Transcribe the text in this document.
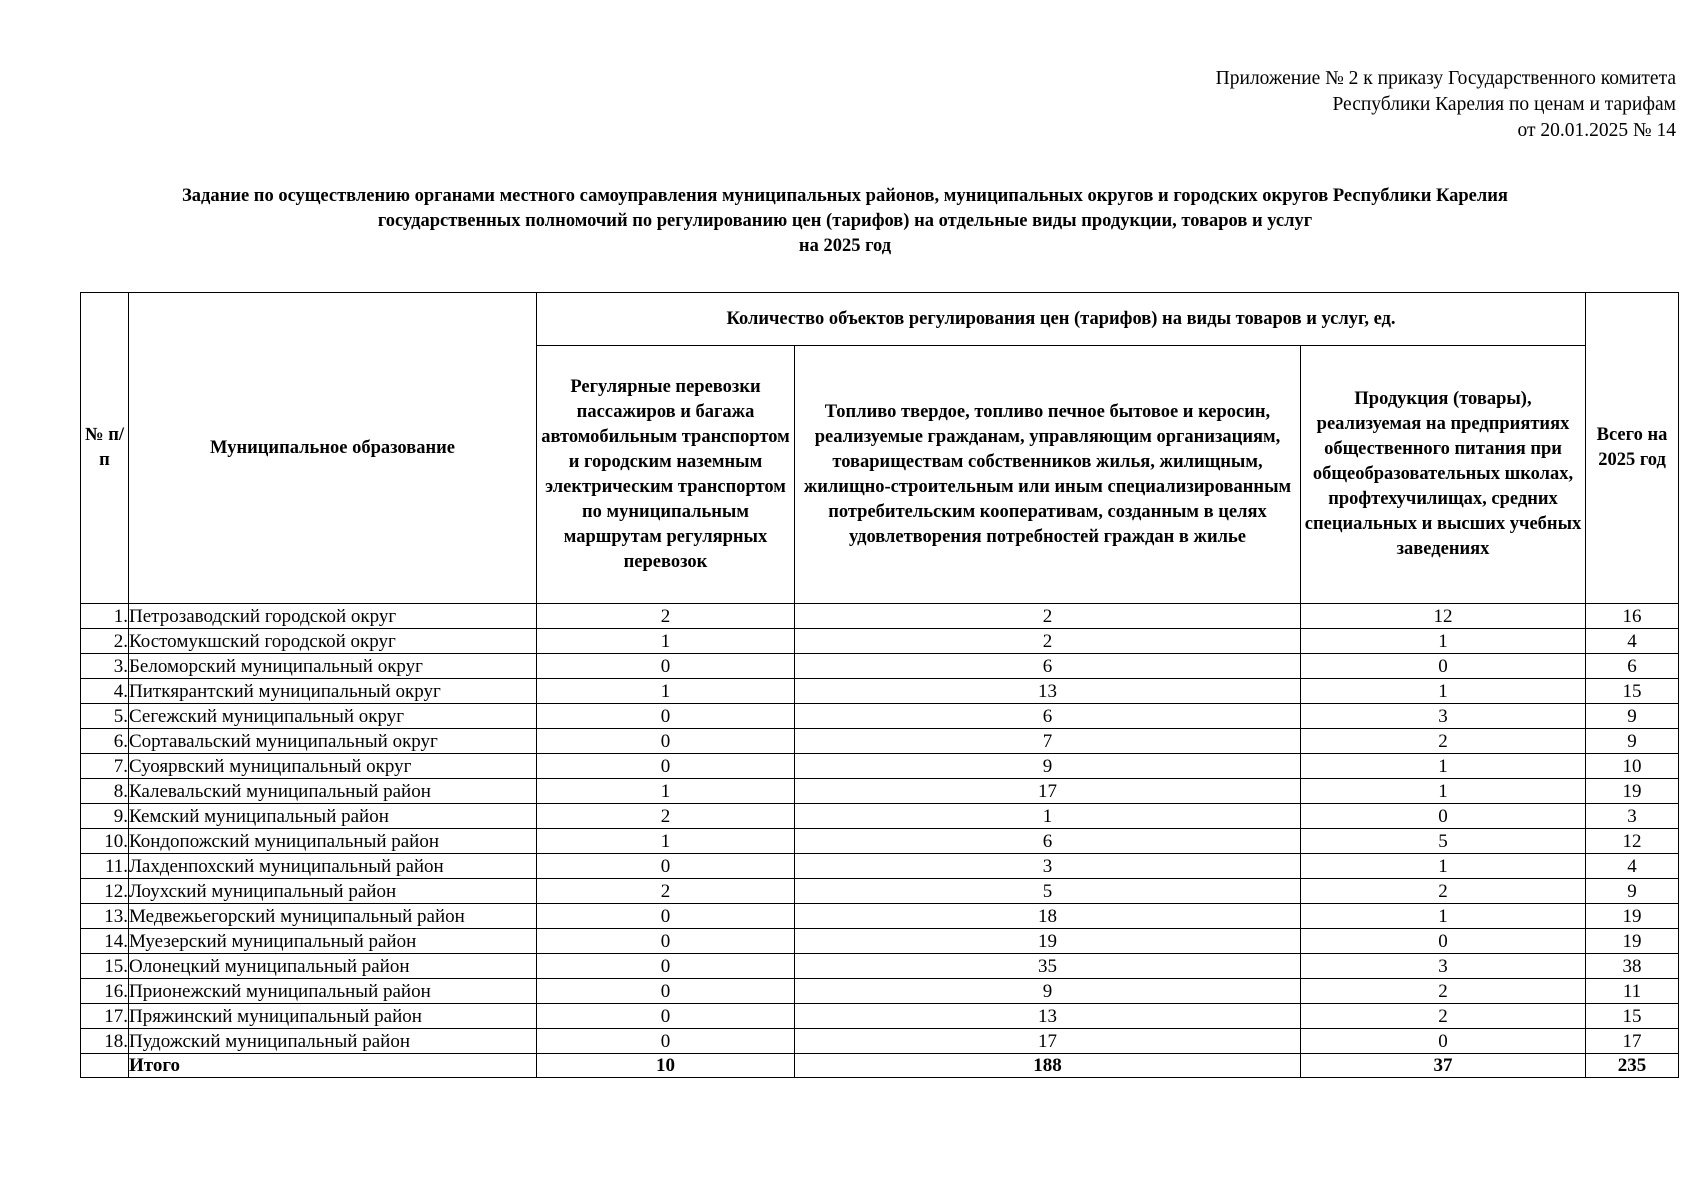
Приложение № 2 к приказу Государственного комитета
Республики Карелия по ценам и тарифам
от 20.01.2025 № 14
Задание по осуществлению органами местного самоуправления муниципальных районов, муниципальных округов и городских округов Республики Карелия
государственных полномочий по регулированию цен (тарифов) на отдельные виды продукции, товаров и услуг
на 2025 год
№ п/п	Муниципальное образование	Количество объектов регулирования цен (тарифов) на виды товаров и услуг, ед.			Всего на 2025 год
		Регулярные перевозки пассажиров и багажа автомобильным транспортом и городским наземным электрическим транспортом по муниципальным маршрутам регулярных перевозок	Топливо твердое, топливо печное бытовое и керосин, реализуемые гражданам, управляющим организациям, товариществам собственников жилья, жилищным, жилищно-строительным или иным специализированным потребительским кооперативам, созданным в целях удовлетворения потребностей граждан в жилье	Продукция (товары), реализуемая на предприятиях общественного питания при общеобразовательных школах, профтехучилищах, средних специальных и высших учебных заведениях	
1.	Петрозаводский городской округ	2	2	12	16
2.	Костомукшский городской округ	1	2	1	4
3.	Беломорский муниципальный округ	0	6	0	6
4.	Питкярантский муниципальный округ	1	13	1	15
5.	Сегежский муниципальный округ	0	6	3	9
6.	Сортавальский муниципальный округ	0	7	2	9
7.	Суоярвский муниципальный округ	0	9	1	10
8.	Калевальский муниципальный район	1	17	1	19
9.	Кемский муниципальный район	2	1	0	3
10.	Кондопожский муниципальный район	1	6	5	12
11.	Лахденпохский муниципальный район	0	3	1	4
12.	Лоухский муниципальный район	2	5	2	9
13.	Медвежьегорский муниципальный район	0	18	1	19
14.	Муезерский муниципальный район	0	19	0	19
15.	Олонецкий муниципальный район	0	35	3	38
16.	Прионежский муниципальный район	0	9	2	11
17.	Пряжинский муниципальный район	0	13	2	15
18.	Пудожский муниципальный район	0	17	0	17
	Итого	10	188	37	235
